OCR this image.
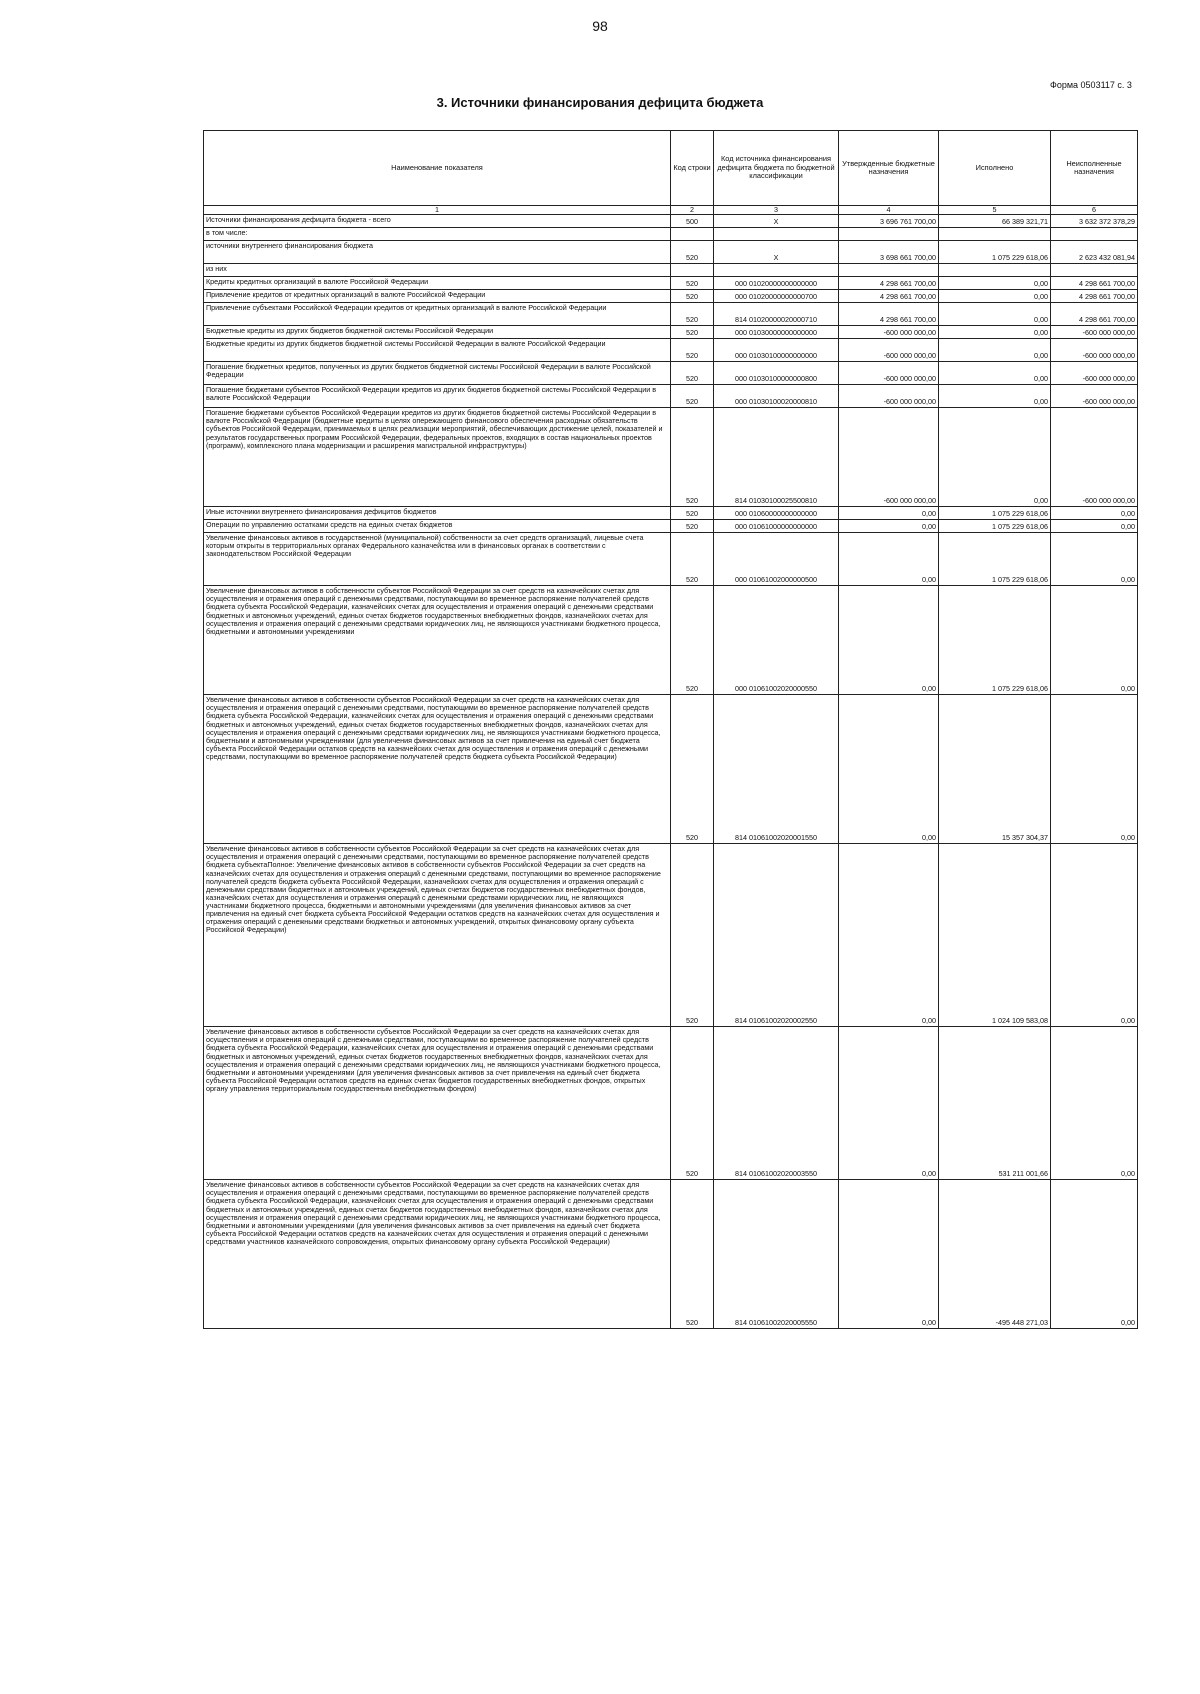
98
Форма 0503117 с. 3
3. Источники финансирования дефицита бюджета
Наименование показателя	Код строки	Код источника финансирования дефицита бюджета по бюджетной классификации	Утвержденные бюджетные назначения	Исполнено	Неисполненные назначения
1	2	3	4	5	6
Источники финансирования дефицита бюджета - всего	500	X	3 696 761 700,00	66 389 321,71	3 632 372 378,29
в том числе:					
источники внутреннего финансирования бюджета	520	X	3 698 661 700,00	1 075 229 618,06	2 623 432 081,94
из них					
Кредиты кредитных организаций в валюте Российской Федерации	520	000 01020000000000000	4 298 661 700,00	0,00	4 298 661 700,00
Привлечение кредитов от кредитных организаций в валюте Российской Федерации	520	000 01020000000000700	4 298 661 700,00	0,00	4 298 661 700,00
Привлечение субъектами Российской Федерации кредитов от кредитных организаций в валюте Российской Федерации	520	814 01020000020000710	4 298 661 700,00	0,00	4 298 661 700,00
Бюджетные кредиты из других бюджетов бюджетной системы Российской Федерации	520	000 01030000000000000	-600 000 000,00	0,00	-600 000 000,00
Бюджетные кредиты из других бюджетов бюджетной системы Российской Федерации в валюте Российской Федерации	520	000 01030100000000000	-600 000 000,00	0,00	-600 000 000,00
Погашение бюджетных кредитов, полученных из других бюджетов бюджетной системы Российской Федерации в валюте Российской Федерации	520	000 01030100000000800	-600 000 000,00	0,00	-600 000 000,00
Погашение бюджетами субъектов Российской Федерации кредитов из других бюджетов бюджетной системы Российской Федерации в валюте Российской Федерации	520	000 01030100020000810	-600 000 000,00	0,00	-600 000 000,00
Погашение бюджетами субъектов Российской Федерации кредитов из других бюджетов бюджетной системы Российской Федерации в валюте Российской Федерации (бюджетные кредиты в целях опережающего финансового обеспечения расходных обязательств субъектов Российской Федерации, принимаемых в целях реализации мероприятий, обеспечивающих достижение целей, показателей и результатов государственных программ Российской Федерации, федеральных проектов, входящих в состав национальных проектов (программ), комплексного плана модернизации и расширения магистральной инфраструктуры)	520	814 01030100025500810	-600 000 000,00	0,00	-600 000 000,00
Иные источники внутреннего финансирования дефицитов бюджетов	520	000 01060000000000000	0,00	1 075 229 618,06	0,00
Операции по управлению остатками средств на единых счетах бюджетов	520	000 01061000000000000	0,00	1 075 229 618,06	0,00
Увеличение финансовых активов в государственной (муниципальной) собственности за счет средств организаций, лицевые счета которым открыты в территориальных органах Федерального казначейства или в финансовых органах в соответствии с законодательством Российской Федерации	520	000 01061002000000500	0,00	1 075 229 618,06	0,00
Увеличение финансовых активов в собственности субъектов Российской Федерации за счет средств на казначейских счетах для осуществления и отражения операций с денежными средствами, поступающими во временное распоряжение получателей средств бюджета субъекта Российской Федерации, казначейских счетах для осуществления и отражения операций с денежными средствами бюджетных и автономных учреждений, единых счетах бюджетов государственных внебюджетных фондов, казначейских счетах для осуществления и отражения операций с денежными средствами юридических лиц, не являющихся участниками бюджетного процесса, бюджетными и автономными учреждениями	520	000 01061002020000550	0,00	1 075 229 618,06	0,00
Увеличение финансовых активов в собственности субъектов Российской Федерации за счет средств на казначейских счетах для осуществления и отражения операций с денежными средствами, поступающими во временное распоряжение получателей средств бюджета субъекта Российской Федерации, казначейских счетах для осуществления и отражения операций с денежными средствами бюджетных и автономных учреждений, единых счетах бюджетов государственных внебюджетных фондов, казначейских счетах для осуществления и отражения операций с денежными средствами юридических лиц, не являющихся участниками бюджетного процесса, бюджетными и автономными учреждениями (для увеличения финансовых активов за счет привлечения на единый счет бюджета субъекта Российской Федерации остатков средств на казначейских счетах для осуществления и отражения операций с денежными средствами, поступающими во временное распоряжение получателей средств бюджета субъекта Российской Федерации)	520	814 01061002020001550	0,00	15 357 304,37	0,00
Увеличение финансовых активов в собственности субъектов Российской Федерации за счет средств на казначейских счетах для осуществления и отражения операций с денежными средствами, поступающими во временное распоряжение получателей средств бюджета субъектаПолное: Увеличение финансовых активов в собственности субъектов Российской Федерации за счет средств на казначейских счетах для осуществления и отражения операций с денежными средствами, поступающими во временное распоряжение получателей средств бюджета субъекта Российской Федерации, казначейских счетах для осуществления и отражения операций с денежными средствами бюджетных и автономных учреждений, единых счетах бюджетов государственных внебюджетных фондов, казначейских счетах для осуществления и отражения операций с денежными средствами юридических лиц, не являющихся участниками бюджетного процесса, бюджетными и автономными учреждениями (для увеличения финансовых активов за счет привлечения на единый счет бюджета субъекта Российской Федерации остатков средств на казначейских счетах для осуществления и отражения операций с денежными средствами бюджетных и автономных учреждений, открытых финансовому органу субъекта Российской Федерации)	520	814 01061002020002550	0,00	1 024 109 583,08	0,00
Увеличение финансовых активов в собственности субъектов Российской Федерации за счет средств на казначейских счетах для осуществления и отражения операций с денежными средствами, поступающими во временное распоряжение получателей средств бюджета субъекта Российской Федерации, казначейских счетах для осуществления и отражения операций с денежными средствами бюджетных и автономных учреждений, единых счетах бюджетов государственных внебюджетных фондов, казначейских счетах для осуществления и отражения операций с денежными средствами юридических лиц, не являющихся участниками бюджетного процесса, бюджетными и автономными учреждениями (для увеличения финансовых активов за счет привлечения на единый счет бюджета субъекта Российской Федерации остатков средств на единых счетах бюджетов государственных внебюджетных фондов, открытых органу управления территориальным государственным внебюджетным фондом)	520	814 01061002020003550	0,00	531 211 001,66	0,00
Увеличение финансовых активов в собственности субъектов Российской Федерации за счет средств на казначейских счетах для осуществления и отражения операций с денежными средствами, поступающими во временное распоряжение получателей средств бюджета субъекта Российской Федерации, казначейских счетах для осуществления и отражения операций с денежными средствами бюджетных и автономных учреждений, единых счетах бюджетов государственных внебюджетных фондов, казначейских счетах для осуществления и отражения операций с денежными средствами юридических лиц, не являющихся участниками бюджетного процесса, бюджетными и автономными учреждениями (для увеличения финансовых активов за счет привлечения на единый счет бюджета субъекта Российской Федерации остатков средств на казначейских счетах для осуществления и отражения операций с денежными средствами участников казначейского сопровождения, открытых финансовому органу субъекта Российской Федерации)	520	814 01061002020005550	0,00	-495 448 271,03	0,00
